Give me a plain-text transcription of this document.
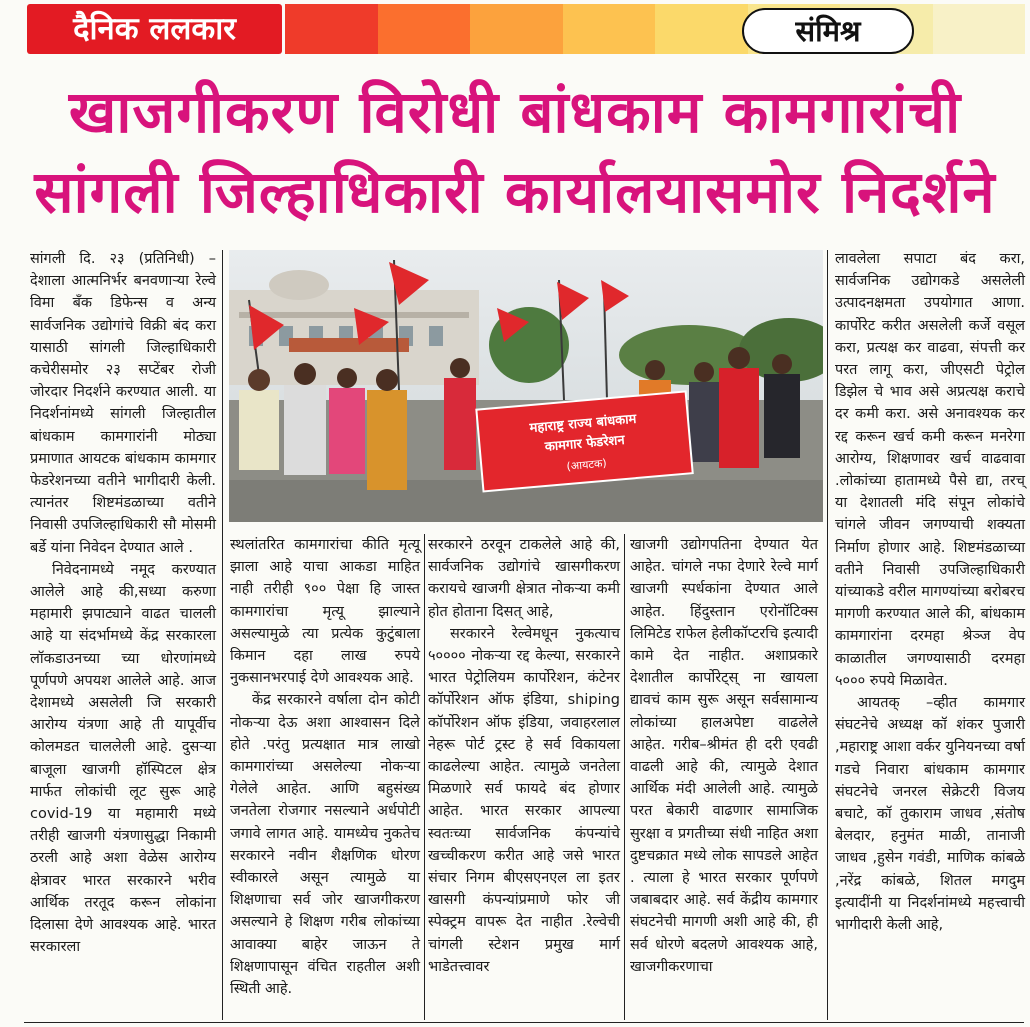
दैनिक ललकार	संमिश्र
खाजगीकरण विरोधी बांधकाम कामगारांची
सांगली जिल्हाधिकारी कार्यालयासमोर निदर्शने

सांगली दि. २३ (प्रतिनिधी) – देशाला आत्मनिर्भर बनवणाऱ्या रेल्वे विमा बँक डिफेन्स व अन्य सार्वजनिक उद्योगांचे विक्री बंद करा यासाठी सांगली जिल्हाधिकारी कचेरीसमोर २३ सप्टेंबर रोजी जोरदार निदर्शने करण्यात आली. या निदर्शनांमध्ये सांगली जिल्हातील बांधकाम कामगारांनी मोठ्या प्रमाणात आयटक बांधकाम कामगार फेडरेशनच्या वतीने भागीदारी केली. त्यानंतर शिष्टमंडळाच्या वतीने निवासी उपजिल्हाधिकारी सौ मोसमी बर्डे यांना निवेदन देण्यात आले .

निवेदनामध्ये नमूद करण्यात आलेले आहे की,सध्या करुणा महामारी झपाट्याने वाढत चालली आहे या संदर्भामध्ये केंद्र सरकारला लॉकडाउनच्या च्या धोरणांमध्ये पूर्णपणे अपयश आलेले आहे. आज देशामध्ये असलेली जि सरकारी आरोग्य यंत्रणा आहे ती यापूर्वीच कोलमडत चाललेली आहे. दुसऱ्या बाजूला खाजगी हॉस्पिटल क्षेत्र मार्फत लोकांची लूट सुरू आहे covid-19 या महामारी मध्ये तरीही खाजगी यंत्रणासुद्धा निकामी ठरली आहे अशा वेळेस आरोग्य क्षेत्रावर भारत सरकारने भरीव आर्थिक तरतूद करून लोकांना दिलासा देणे आवश्यक आहे. भारत सरकारला

महाराष्ट्र राज्य बांधकाम
कामगार फेडरेशन
(आयटक)

स्थलांतरित कामगारांचा कीति मृत्यू झाला आहे याचा आकडा माहित नाही तरीही ९०० पेक्षा हि जास्त कामगारांचा मृत्यू झाल्याने असल्यामुळे त्या प्रत्येक कुटुंबाला किमान दहा लाख रुपये नुकसानभरपाई देणे आवश्यक आहे.

केंद्र सरकारने वर्षाला दोन कोटी नोकऱ्या देऊ अशा आश्वासन दिले होते .परंतु प्रत्यक्षात मात्र लाखो कामगारांच्या असलेल्या नोकऱ्या गेलेले आहेत. आणि बहुसंख्य जनतेला रोजगार नसल्याने अर्धपोटी जगावे लागत आहे. यामध्येच नुकतेच सरकारने नवीन शैक्षणिक धोरण स्वीकारले असून त्यामुळे या शिक्षणाचा सर्व जोर खाजगीकरण असल्याने हे शिक्षण गरीब लोकांच्या आवाक्या बाहेर जाऊन ते शिक्षणापासून वंचित राहतील अशी स्थिती आहे.

सरकारने ठरवून टाकलेले आहे की, सार्वजनिक उद्योगांचे खासगीकरण करायचे खाजगी क्षेत्रात नोकऱ्या कमी होत होताना दिसत् आहे,

सरकारने रेल्वेमधून नुकत्याच ५०००० नोकऱ्या रद्द केल्या, सरकारने भारत पेट्रोलियम कार्पोरेशन, कंटेनर कॉर्पोरेशन ऑफ इंडिया, shiping कॉर्पोरेशन ऑफ इंडिया, जवाहरलाल नेहरू पोर्ट ट्रस्ट हे सर्व विकायला काढलेल्या आहेत. त्यामुळे जनतेला मिळणारे सर्व फायदे बंद होणार आहेत. भारत सरकार आपल्या स्वतःच्या सार्वजनिक कंपन्यांचे खच्चीकरण करीत आहे जसे भारत संचार निगम बीएसएनएल ला इतर खासगी कंपन्यांप्रमाणे फोर जी स्पेक्ट्रम वापरू देत नाहीत .रेल्वेची चांगली स्टेशन प्रमुख मार्ग भाडेतत्त्वावर

खाजगी उद्योगपतिना देण्यात येत आहेत. चांगले नफा देणारे रेल्वे मार्ग खाजगी स्पर्धकांना देण्यात आले आहेत. हिंदुस्तान एरोनॉटिक्स लिमिटेड राफेल हेलीकॉप्टरचि इत्यादी कामे देत नाहीत. अशाप्रकारे देशातील कार्पोरेट्स् ना खायला द्यावचं काम सुरू असून सर्वसामान्य लोकांच्या हालअपेष्टा वाढलेले आहेत. गरीब–श्रीमंत ही दरी एवढी वाढली आहे की, त्यामुळे देशात आर्थिक मंदी आलेली आहे. त्यामुळे परत बेकारी वाढणार सामाजिक सुरक्षा व प्रगतीच्या संधी नाहित अशा दुष्टचक्रात मध्ये लोक सापडले आहेत . त्याला हे भारत सरकार पूर्णपणे जबाबदार आहे. सर्व केंद्रीय कामगार संघटनेची मागणी अशी आहे की, ही सर्व धोरणे बदलणे आवश्यक आहे, खाजगीकरणाचा

लावलेला सपाटा बंद करा, सार्वजनिक उद्योगकडे असलेली उत्पादनक्षमता उपयोगात आणा. कार्पोरेट करीत असलेली कर्जे वसूल करा, प्रत्यक्ष कर वाढवा, संपत्ती कर परत लागू करा, जीएसटी पेट्रोल डिझेल चे भाव असे अप्रत्यक्ष कराचे दर कमी करा. असे अनावश्यक कर रद्द करून खर्च कमी करून मनरेगा आरोग्य, शिक्षणावर खर्च वाढवावा .लोकांच्या हातामध्ये पैसे द्या, तरच् या देशातली मंदि संपून लोकांचे चांगले जीवन जगण्याची शक्यता निर्माण होणार आहे. शिष्टमंडळाच्या वतीने निवासी उपजिल्हाधिकारी यांच्याकडे वरील मागण्यांच्या बरोबरच मागणी करण्यात आले की, बांधकाम कामगारांना दरमहा श्रेञ्ज वेप काळातील जगण्यासाठी दरमहा ५००० रुपये मिळावेत.

आयतक् –व्हीत कामगार संघटनेचे अध्यक्ष कॉ शंकर पुजारी ,महाराष्ट्र आशा वर्कर युनियनच्या वर्षा गडचे निवारा बांधकाम कामगार संघटनेचे जनरल सेक्रेटरी विजय बचाटे, कॉ तुकाराम जाधव ,संतोष बेलदार, हनुमंत माळी, तानाजी जाधव ,हुसेन गवंडी, माणिक कांबळे ,नरेंद्र कांबळे, शितल मगदुम इत्यादींनी या निदर्शनांमध्ये महत्त्वाची भागीदारी केली आहे,
